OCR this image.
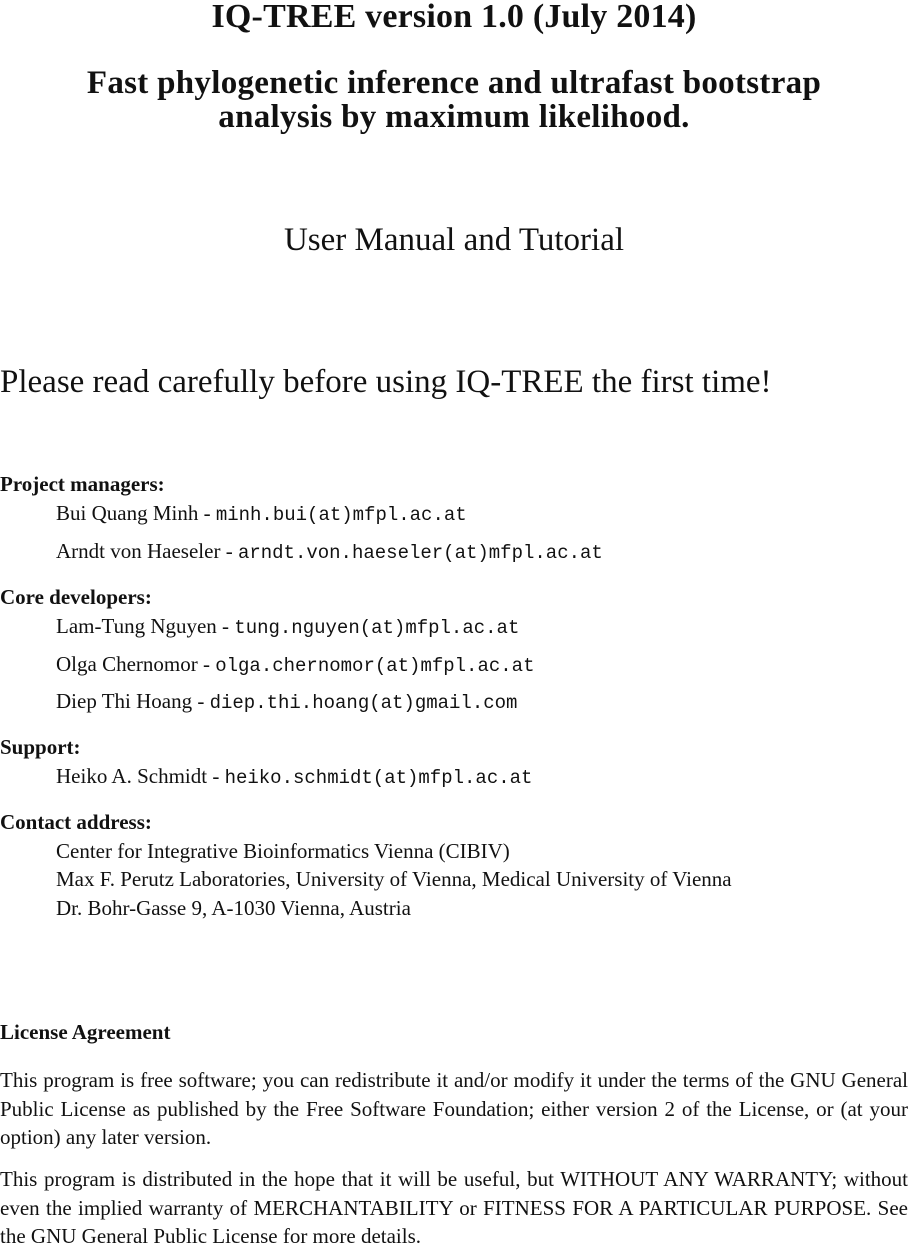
IQ-TREE version 1.0 (July 2014)
Fast phylogenetic inference and ultrafast bootstrap
analysis by maximum likelihood.
User Manual and Tutorial
Please read carefully before using IQ-TREE the first time!
Project managers:
Bui Quang Minh - minh.bui(at)mfpl.ac.at
Arndt von Haeseler - arndt.von.haeseler(at)mfpl.ac.at
Core developers:
Lam-Tung Nguyen - tung.nguyen(at)mfpl.ac.at
Olga Chernomor - olga.chernomor(at)mfpl.ac.at
Diep Thi Hoang - diep.thi.hoang(at)gmail.com
Support:
Heiko A. Schmidt - heiko.schmidt(at)mfpl.ac.at
Contact address:
Center for Integrative Bioinformatics Vienna (CIBIV)
Max F. Perutz Laboratories, University of Vienna, Medical University of Vienna
Dr. Bohr-Gasse 9, A-1030 Vienna, Austria
License Agreement
This program is free software; you can redistribute it and/or modify it under the terms of the GNU General Public License as published by the Free Software Foundation; either version 2 of the License, or (at your option) any later version.
This program is distributed in the hope that it will be useful, but WITHOUT ANY WARRANTY; without even the implied warranty of MERCHANTABILITY or FITNESS FOR A PARTICULAR PURPOSE. See the GNU General Public License for more details.
